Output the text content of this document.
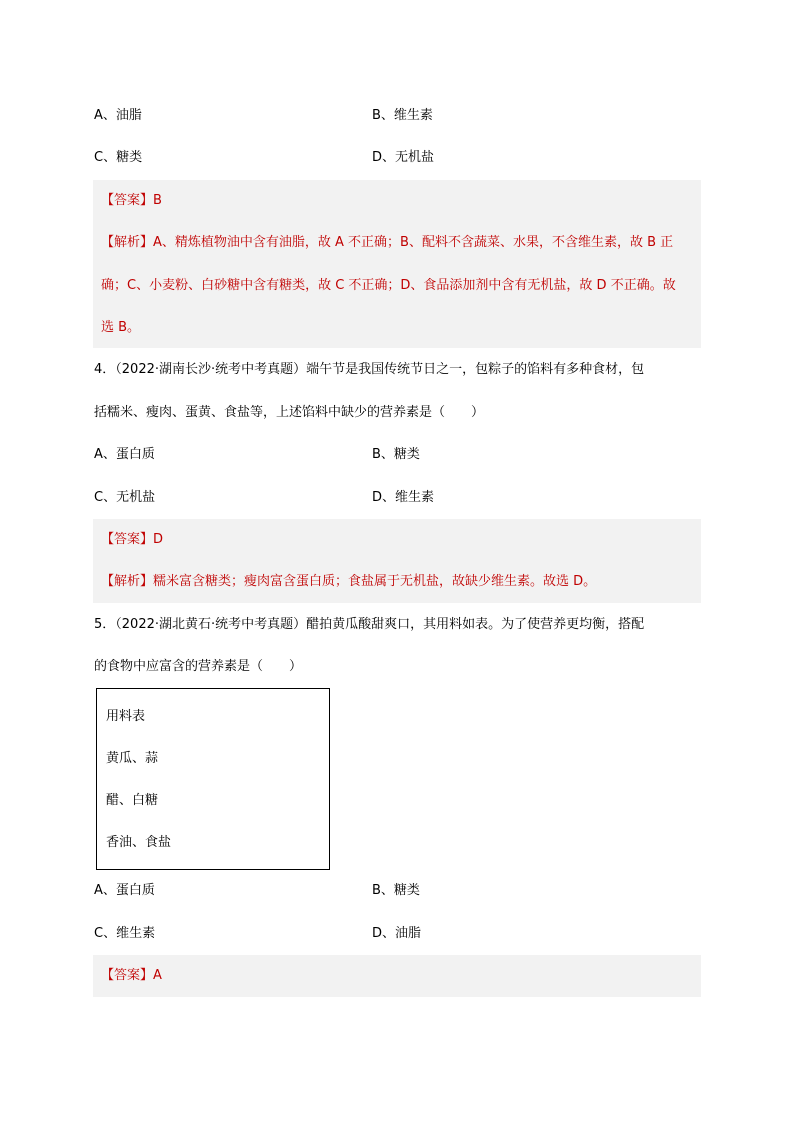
A、油脂	B、维生素
C、糖类	D、无机盐
【答案】B
【解析】A、精炼植物油中含有油脂，故 A 不正确；B、配料不含蔬菜、水果，不含维生素，故 B 正
确；C、小麦粉、白砂糖中含有糖类，故 C 不正确；D、食品添加剂中含有无机盐，故 D 不正确。故
选 B。
4．（2022·湖南长沙·统考中考真题）端午节是我国传统节日之一，包粽子的馅料有多种食材，包
括糯米、瘦肉、蛋黄、食盐等，上述馅料中缺少的营养素是（　　）
A、蛋白质	B、糖类
C、无机盐	D、维生素
【答案】D
【解析】糯米富含糖类；瘦肉富含蛋白质；食盐属于无机盐，故缺少维生素。故选 D。
5．（2022·湖北黄石·统考中考真题）醋拍黄瓜酸甜爽口，其用料如表。为了使营养更均衡，搭配
的食物中应富含的营养素是（　　）
用料表
黄瓜、蒜
醋、白糖
香油、食盐
A、蛋白质	B、糖类
C、维生素	D、油脂
【答案】A
